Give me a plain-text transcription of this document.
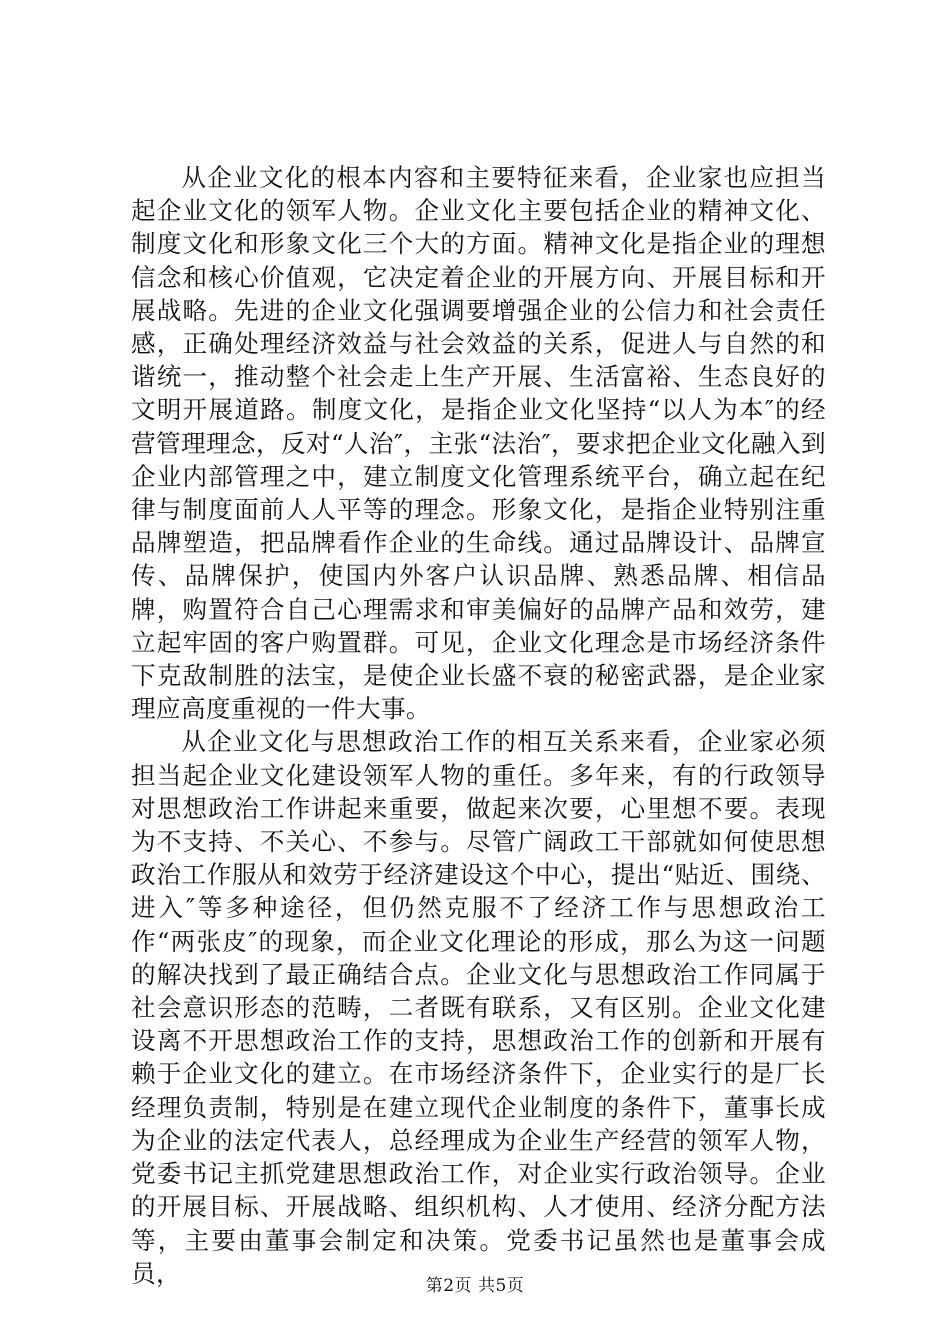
从企业文化的根本内容和主要特征来看，企业家也应担当起企业文化的领军人物。企业文化主要包括企业的精神文化、制度文化和形象文化三个大的方面。精神文化是指企业的理想信念和核心价值观，它决定着企业的开展方向、开展目标和开展战略。先进的企业文化强调要增强企业的公信力和社会责任感，正确处理经济效益与社会效益的关系，促进人与自然的和谐统一，推动整个社会走上生产开展、生活富裕、生态良好的文明开展道路。制度文化，是指企业文化坚持“以人为本″的经营管理理念，反对“人治″，主张“法治″，要求把企业文化融入到企业内部管理之中，建立制度文化管理系统平台，确立起在纪律与制度面前人人平等的理念。形象文化，是指企业特别注重品牌塑造，把品牌看作企业的生命线。通过品牌设计、品牌宣传、品牌保护，使国内外客户认识品牌、熟悉品牌、相信品牌，购置符合自己心理需求和审美偏好的品牌产品和效劳，建立起牢固的客户购置群。可见，企业文化理念是市场经济条件下克敌制胜的法宝，是使企业长盛不衰的秘密武器，是企业家理应高度重视的一件大事。

从企业文化与思想政治工作的相互关系来看，企业家必须担当起企业文化建设领军人物的重任。多年来，有的行政领导对思想政治工作讲起来重要，做起来次要，心里想不要。表现为不支持、不关心、不参与。尽管广阔政工干部就如何使思想政治工作服从和效劳于经济建设这个中心，提出“贴近、围绕、进入″等多种途径，但仍然克服不了经济工作与思想政治工作“两张皮″的现象，而企业文化理论的形成，那么为这一问题的解决找到了最正确结合点。企业文化与思想政治工作同属于社会意识形态的范畴，二者既有联系，又有区别。企业文化建设离不开思想政治工作的支持，思想政治工作的创新和开展有赖于企业文化的建立。在市场经济条件下，企业实行的是厂长经理负责制，特别是在建立现代企业制度的条件下，董事长成为企业的法定代表人，总经理成为企业生产经营的领军人物，党委书记主抓党建思想政治工作，对企业实行政治领导。企业的开展目标、开展战略、组织机构、人才使用、经济分配方法等，主要由董事会制定和决策。党委书记虽然也是董事会成员，	第2页 共5页
